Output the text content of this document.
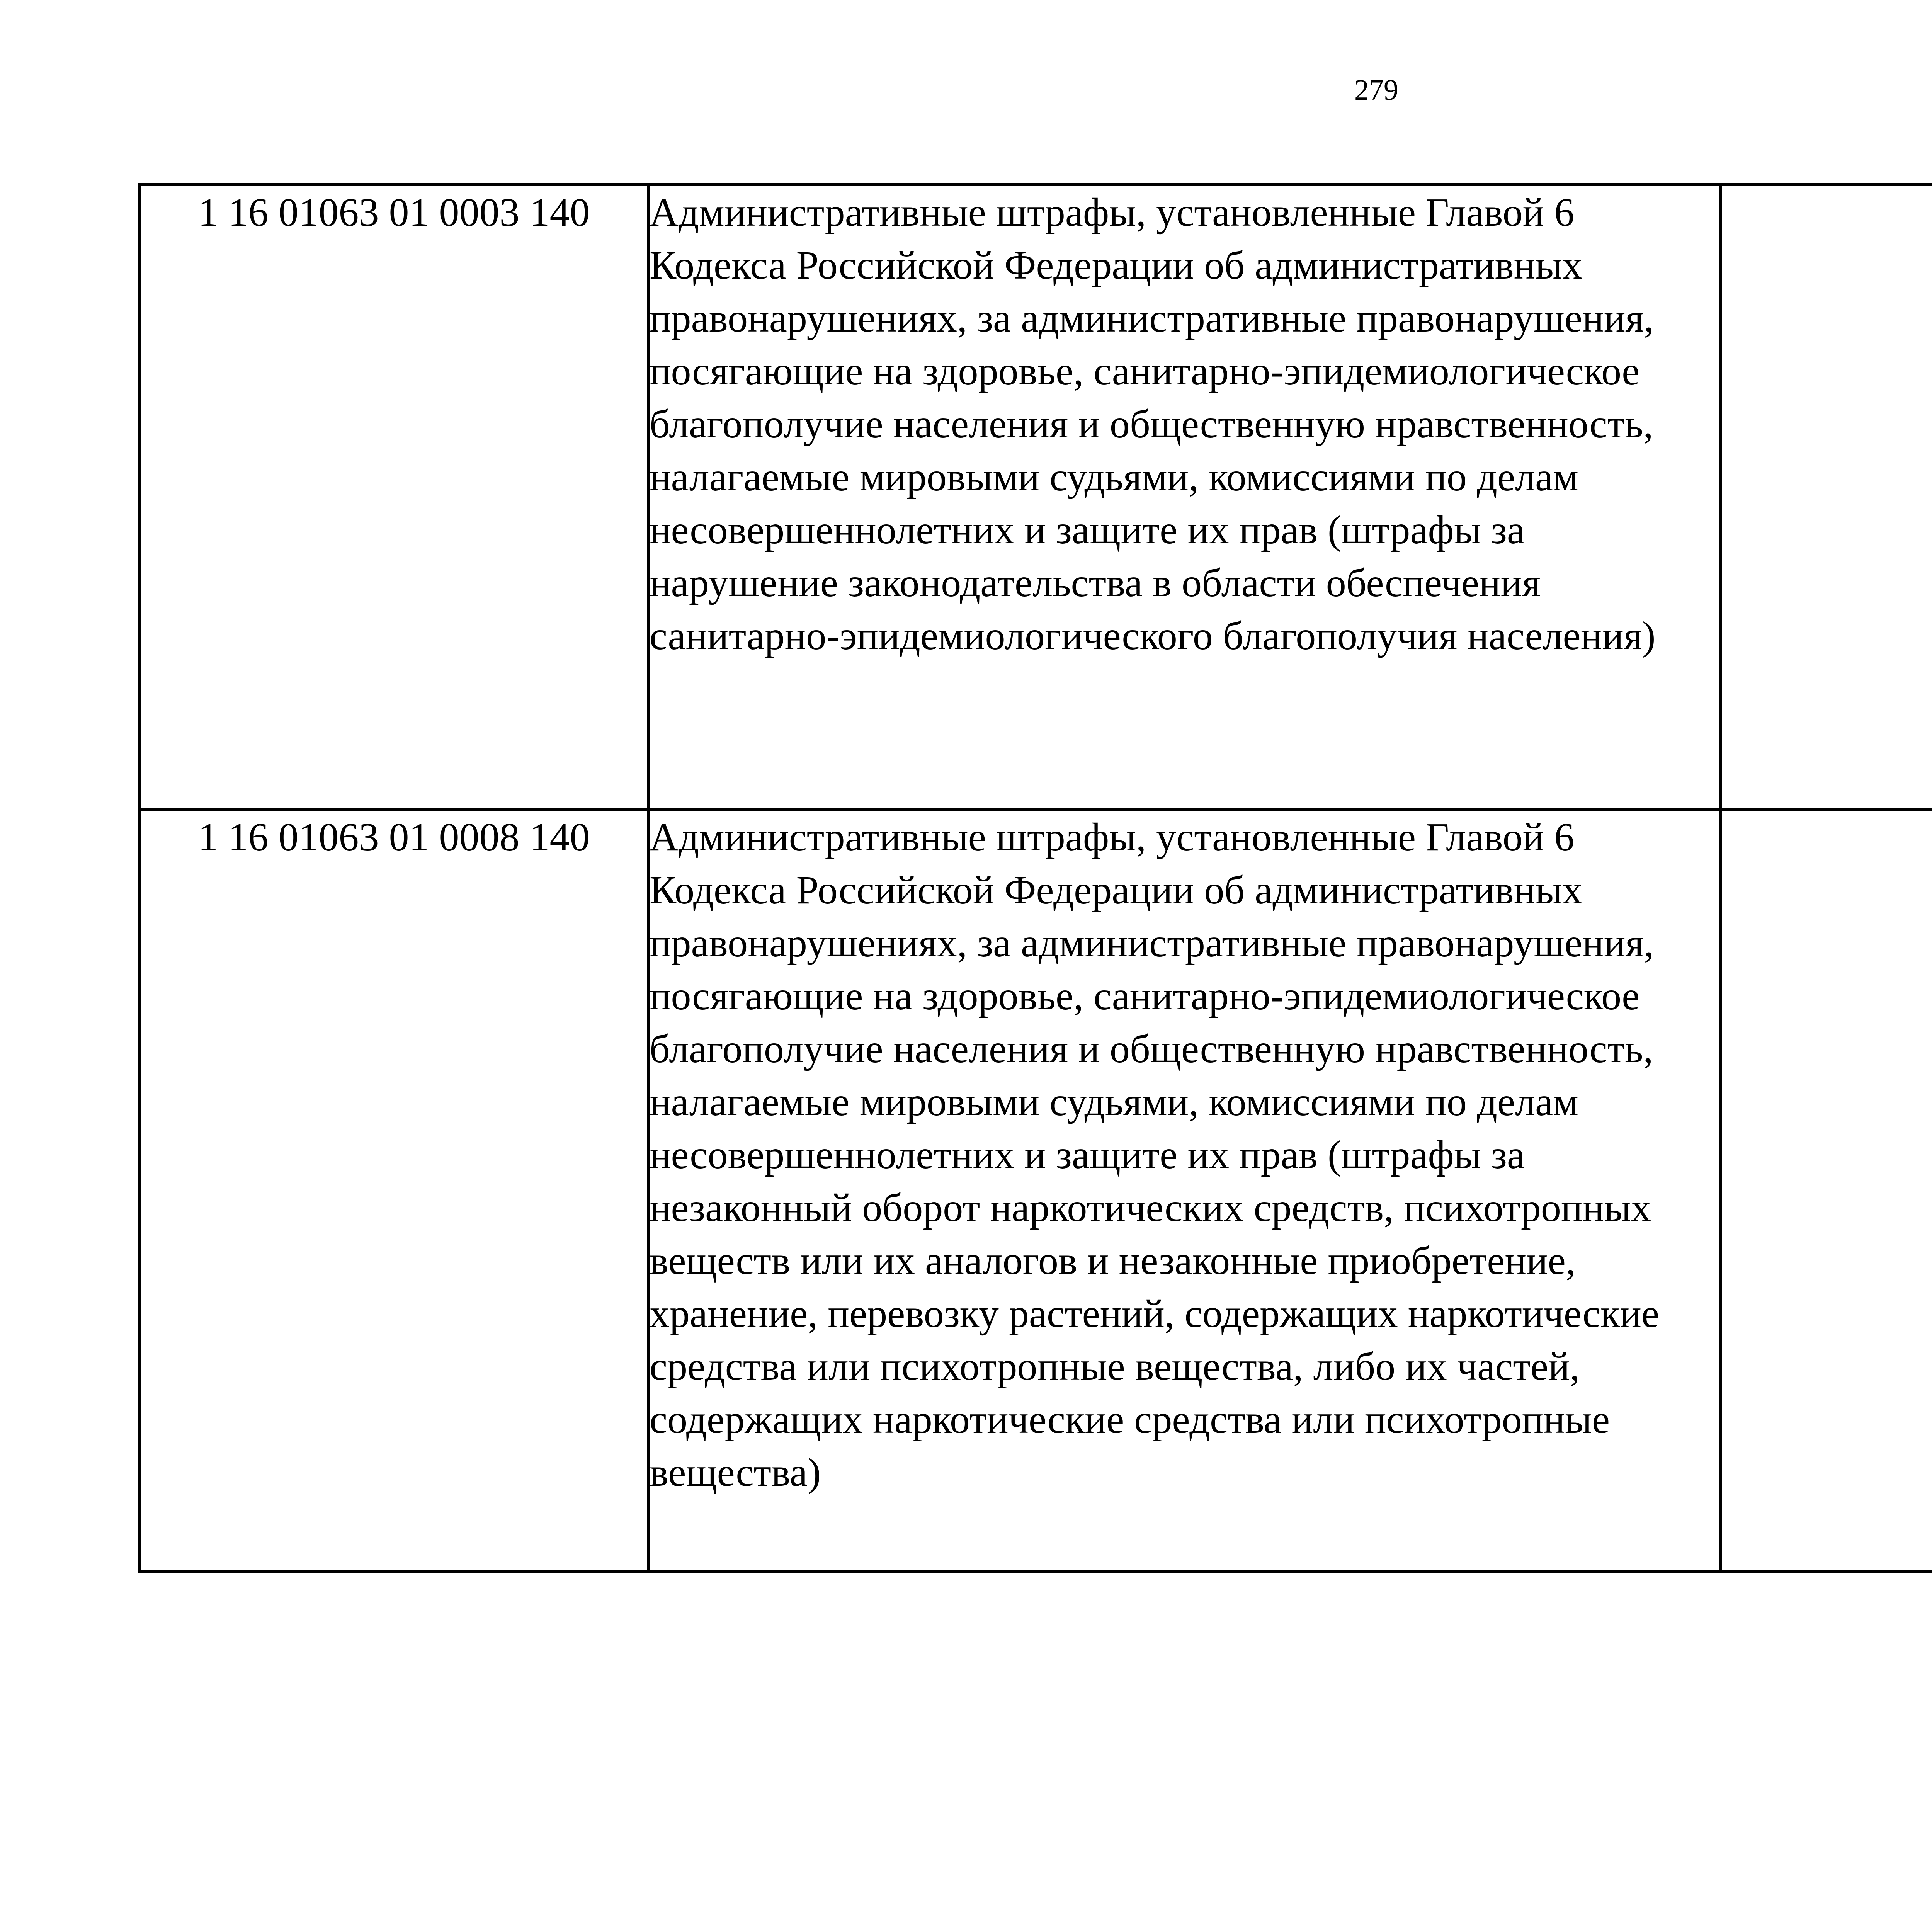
279
1 16 01063 01 0003 140	Административные штрафы, установленные Главой 6 Кодекса Российской Федерации об административных правонарушениях, за административные правонарушения, посягающие на здоровье, санитарно-эпидемиологическое благополучие населения и общественную нравственность, налагаемые мировыми судьями, комиссиями по делам несовершеннолетних и защите их прав (штрафы за нарушение законодательства в области обеспечения санитарно-эпидемиологического благополучия населения)			
1 16 01063 01 0008 140	Административные штрафы, установленные Главой 6 Кодекса Российской Федерации об административных правонарушениях, за административные правонарушения, посягающие на здоровье, санитарно-эпидемиологическое благополучие населения и общественную нравственность, налагаемые мировыми судьями, комиссиями по делам несовершеннолетних и защите их прав (штрафы за незаконный оборот наркотических средств, психотропных веществ или их аналогов и незаконные приобретение, хранение, перевозку растений, содержащих наркотические средства или психотропные вещества, либо их частей, содержащих наркотические средства или психотропные вещества)			
